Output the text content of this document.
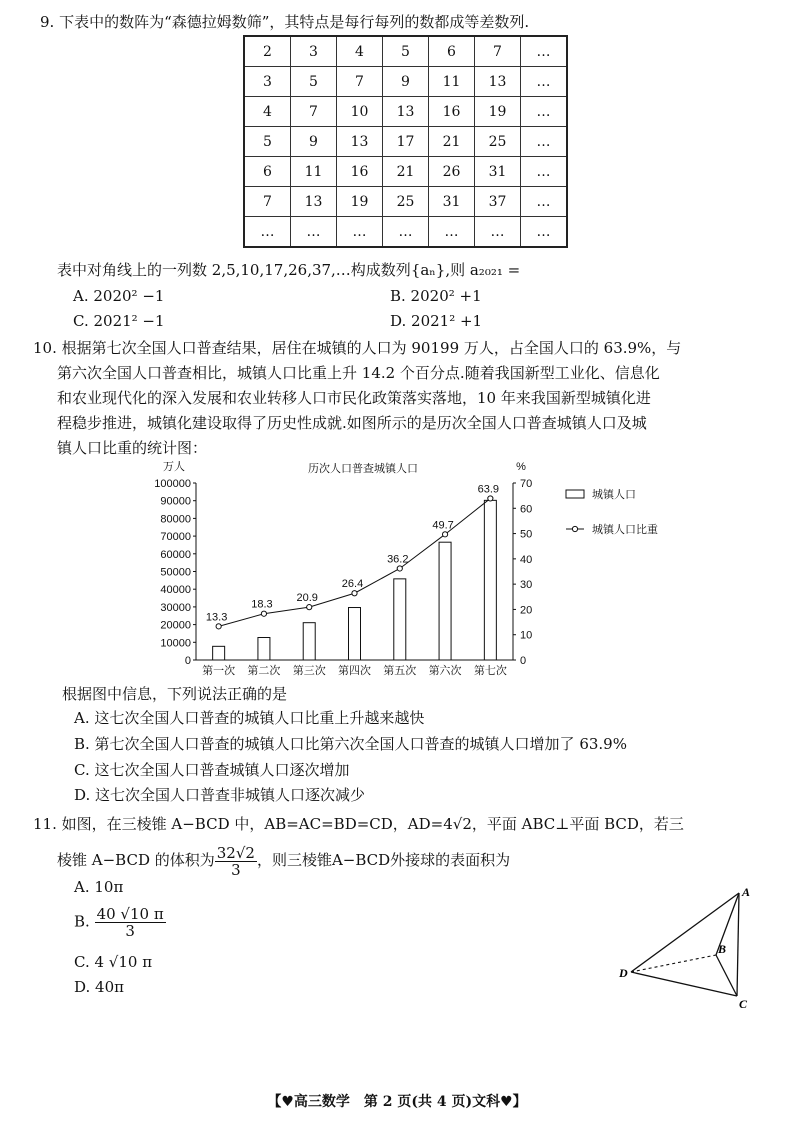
9. 下表中的数阵为“森德拉姆数筛”，其特点是每行每列的数都成等差数列.
2	3	4	5	6	7	…
3	5	7	9	11	13	…
4	7	10	13	16	19	…
5	9	13	17	21	25	…
6	11	16	21	26	31	…
7	13	19	25	31	37	…
…	…	…	…	…	…	…
表中对角线上的一列数 2,5,10,17,26,37,…构成数列{aₙ},则 a₂₀₂₁ =
A. 2020² −1	B. 2020² +1
C. 2021² −1	D. 2021² +1
10. 根据第七次全国人口普查结果，居住在城镇的人口为 90199 万人，占全国人口的 63.9%，与
第六次全国人口普查相比，城镇人口比重上升 14.2 个百分点.随着我国新型工业化、信息化
和农业现代化的深入发展和农业转移人口市民化政策落实落地，10 年来我国新型城镇化进
程稳步推进，城镇化建设取得了历史性成就.如图所示的是历次全国人口普查城镇人口及城
镇人口比重的统计图：
0
10000
20000
30000
40000
50000
60000
70000
80000
90000
100000
0
10
20
30
40
50
60
70
万人	%
历次人口普查城镇人口
第一次 第二次 第三次 第四次 第五次 第六次 第七次
13.3
18.3
20.9
26.4
36.2
49.7
63.9	城镇人口
城镇人口比重
根据图中信息，下列说法正确的是
A. 这七次全国人口普查的城镇人口比重上升越来越快
B. 第七次全国人口普查的城镇人口比第六次全国人口普查的城镇人口增加了 63.9%
C. 这七次全国人口普查城镇人口逐次增加
D. 这七次全国人口普查非城镇人口逐次减少
11. 如图，在三棱锥 A−BCD 中，AB=AC=BD=CD，AD=4√2，平面 ABC⊥平面 BCD，若三
棱锥 A−BCD 的体积为 $\frac{32√2}{3}$ ，则三棱锥A−BCD外接球的表面积为
A. 10π
B. $\frac{40 √10 \pi}{3}$
C. 4 √10 π
D. 40π
A
B
C
D
【♥高三数学　第 2 页(共 4 页)文科♥】
